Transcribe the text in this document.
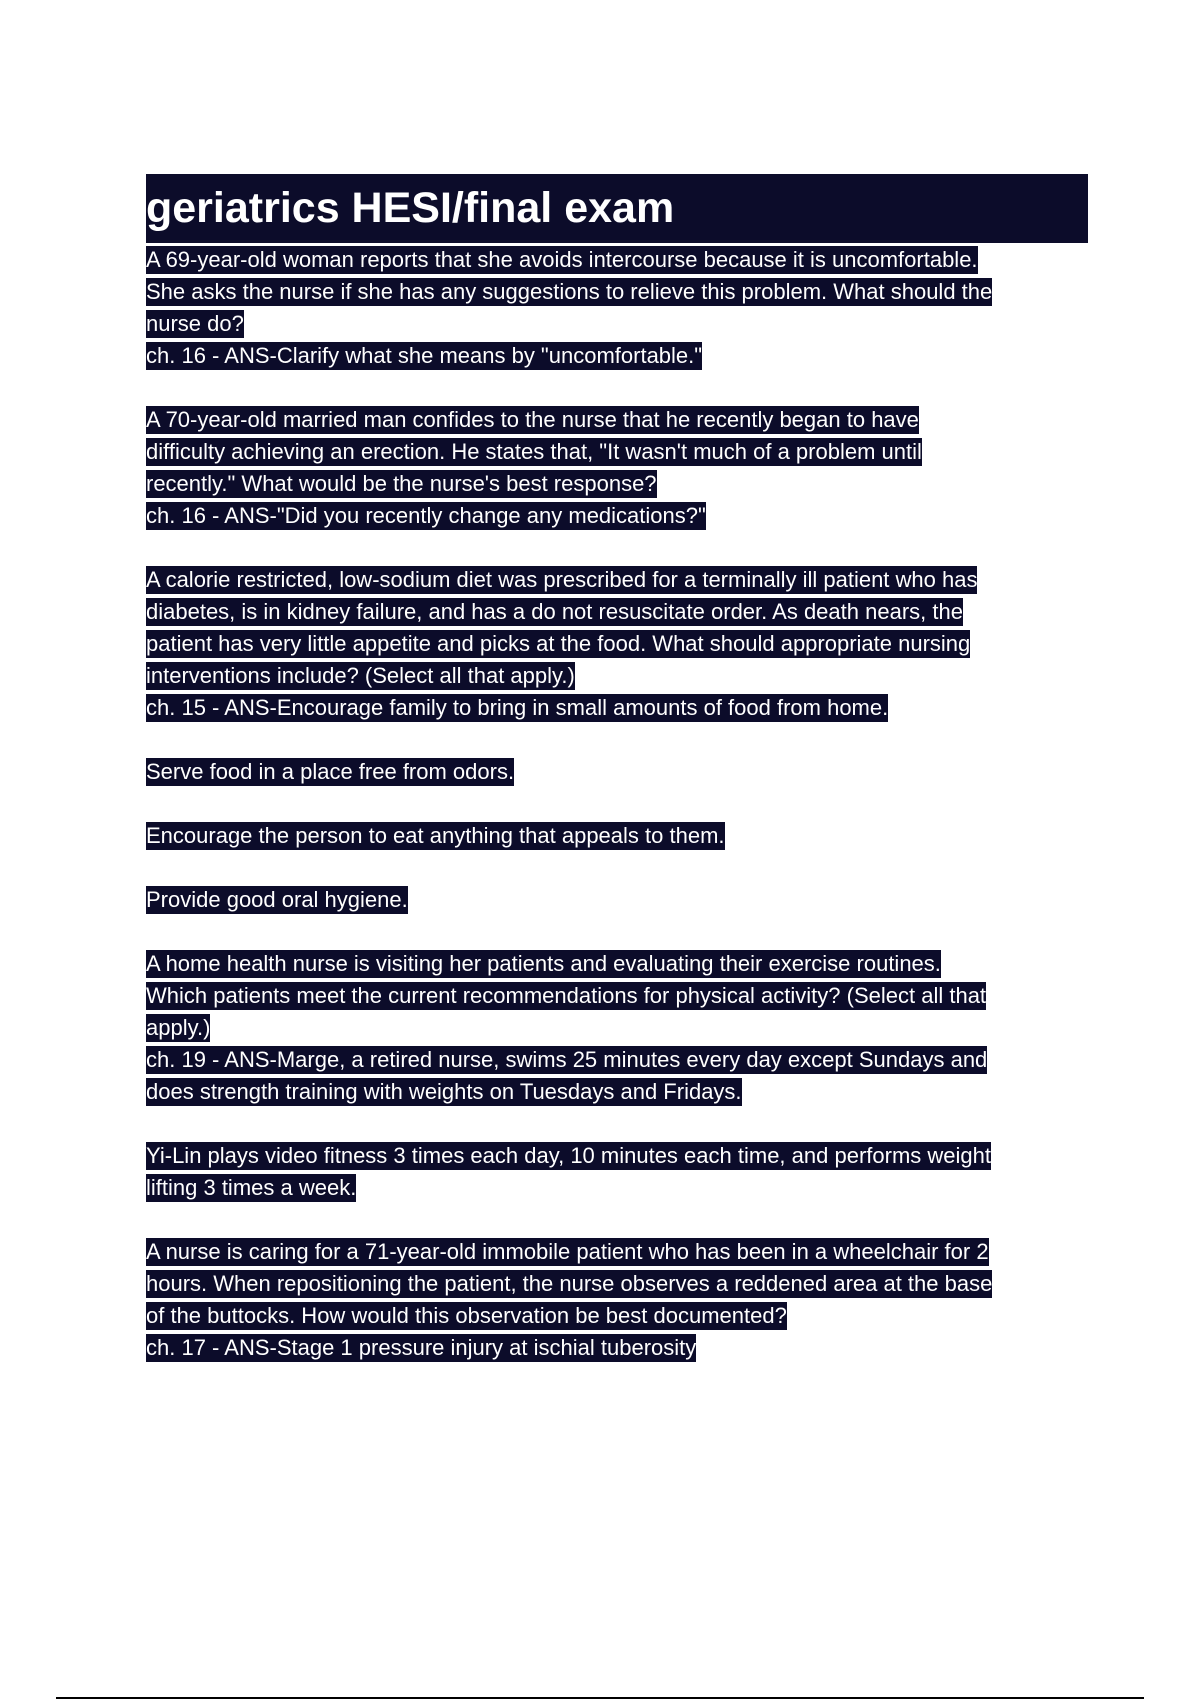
geriatrics HESI/final exam
A 69-year-old woman reports that she avoids intercourse because it is uncomfortable.
She asks the nurse if she has any suggestions to relieve this problem. What should the
nurse do?
ch. 16 - ANS-Clarify what she means by "uncomfortable."
A 70-year-old married man confides to the nurse that he recently began to have
difficulty achieving an erection. He states that, "It wasn't much of a problem until
recently." What would be the nurse's best response?
ch. 16 - ANS-"Did you recently change any medications?"
A calorie restricted, low-sodium diet was prescribed for a terminally ill patient who has
diabetes, is in kidney failure, and has a do not resuscitate order. As death nears, the
patient has very little appetite and picks at the food. What should appropriate nursing
interventions include? (Select all that apply.)
ch. 15 - ANS-Encourage family to bring in small amounts of food from home.
Serve food in a place free from odors.
Encourage the person to eat anything that appeals to them.
Provide good oral hygiene.
A home health nurse is visiting her patients and evaluating their exercise routines.
Which patients meet the current recommendations for physical activity? (Select all that
apply.)
ch. 19 - ANS-Marge, a retired nurse, swims 25 minutes every day except Sundays and
does strength training with weights on Tuesdays and Fridays.
Yi-Lin plays video fitness 3 times each day, 10 minutes each time, and performs weight
lifting 3 times a week.
A nurse is caring for a 71-year-old immobile patient who has been in a wheelchair for 2
hours. When repositioning the patient, the nurse observes a reddened area at the base
of the buttocks. How would this observation be best documented?
ch. 17 - ANS-Stage 1 pressure injury at ischial tuberosity
